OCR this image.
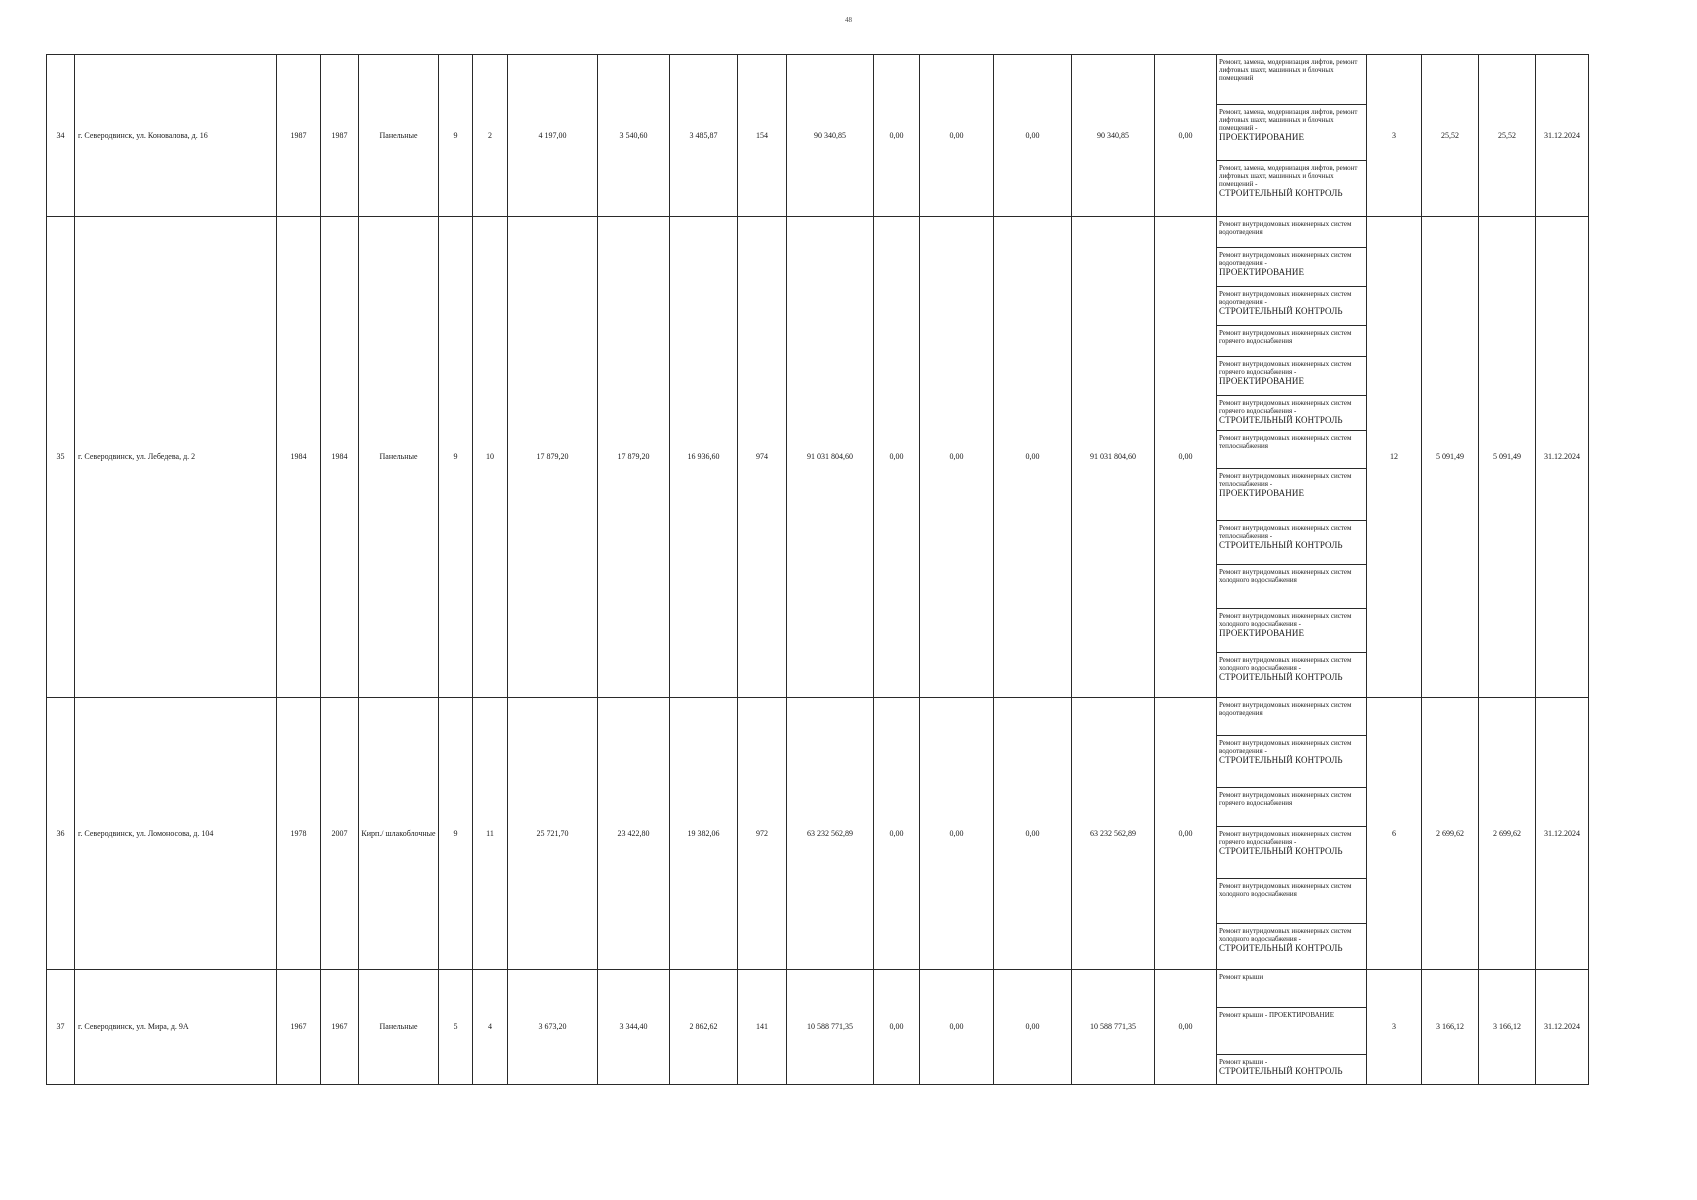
48
34	г. Северодвинск, ул. Коновалова, д. 16	1987	1987	Панельные	9	2	4 197,00	3 540,60	3 485,87	154	90 340,85	0,00	0,00	0,00	90 340,85	0,00	Ремонт, замена, модернизация лифтов, ремонт лифтовых шахт, машинных и блочных помещений	3	25,52	25,52	31.12.2024
																	Ремонт, замена, модернизация лифтов, ремонт лифтовых шахт, машинных и блочных помещений -
ПРОЕКТИРОВАНИЕ				
																	Ремонт, замена, модернизация лифтов, ремонт лифтовых шахт, машинных и блочных помещений -
СТРОИТЕЛЬНЫЙ КОНТРОЛЬ				
35	г. Северодвинск, ул. Лебедева, д. 2	1984	1984	Панельные	9	10	17 879,20	17 879,20	16 936,60	974	91 031 804,60	0,00	0,00	0,00	91 031 804,60	0,00	Ремонт внутридомовых инженерных систем водоотведения	12	5 091,49	5 091,49	31.12.2024
																	Ремонт внутридомовых инженерных систем водоотведения -
ПРОЕКТИРОВАНИЕ				
																	Ремонт внутридомовых инженерных систем водоотведения -
СТРОИТЕЛЬНЫЙ КОНТРОЛЬ				
																	Ремонт внутридомовых инженерных систем горячего водоснабжения				
																	Ремонт внутридомовых инженерных систем горячего водоснабжения -
ПРОЕКТИРОВАНИЕ				
																	Ремонт внутридомовых инженерных систем горячего водоснабжения -
СТРОИТЕЛЬНЫЙ КОНТРОЛЬ				
																	Ремонт внутридомовых инженерных систем теплоснабжения				
																	Ремонт внутридомовых инженерных систем теплоснабжения -
ПРОЕКТИРОВАНИЕ				
																	Ремонт внутридомовых инженерных систем теплоснабжения -
СТРОИТЕЛЬНЫЙ КОНТРОЛЬ				
																	Ремонт внутридомовых инженерных систем холодного водоснабжения				
																	Ремонт внутридомовых инженерных систем холодного водоснабжения -
ПРОЕКТИРОВАНИЕ				
																	Ремонт внутридомовых инженерных систем холодного водоснабжения -
СТРОИТЕЛЬНЫЙ КОНТРОЛЬ				
36	г. Северодвинск, ул. Ломоносова, д. 104	1978	2007	Кирп./ шлакоблочные	9	11	25 721,70	23 422,80	19 382,06	972	63 232 562,89	0,00	0,00	0,00	63 232 562,89	0,00	Ремонт внутридомовых инженерных систем водоотведения	6	2 699,62	2 699,62	31.12.2024
																	Ремонт внутридомовых инженерных систем водоотведения -
СТРОИТЕЛЬНЫЙ КОНТРОЛЬ				
																	Ремонт внутридомовых инженерных систем горячего водоснабжения				
																	Ремонт внутридомовых инженерных систем горячего водоснабжения -
СТРОИТЕЛЬНЫЙ КОНТРОЛЬ				
																	Ремонт внутридомовых инженерных систем холодного водоснабжения				
																	Ремонт внутридомовых инженерных систем холодного водоснабжения -
СТРОИТЕЛЬНЫЙ КОНТРОЛЬ				
37	г. Северодвинск, ул. Мира, д. 9А	1967	1967	Панельные	5	4	3 673,20	3 344,40	2 862,62	141	10 588 771,35	0,00	0,00	0,00	10 588 771,35	0,00	Ремонт крыши	3	3 166,12	3 166,12	31.12.2024
																	Ремонт крыши - ПРОЕКТИРОВАНИЕ				
																	Ремонт крыши -
СТРОИТЕЛЬНЫЙ КОНТРОЛЬ				
